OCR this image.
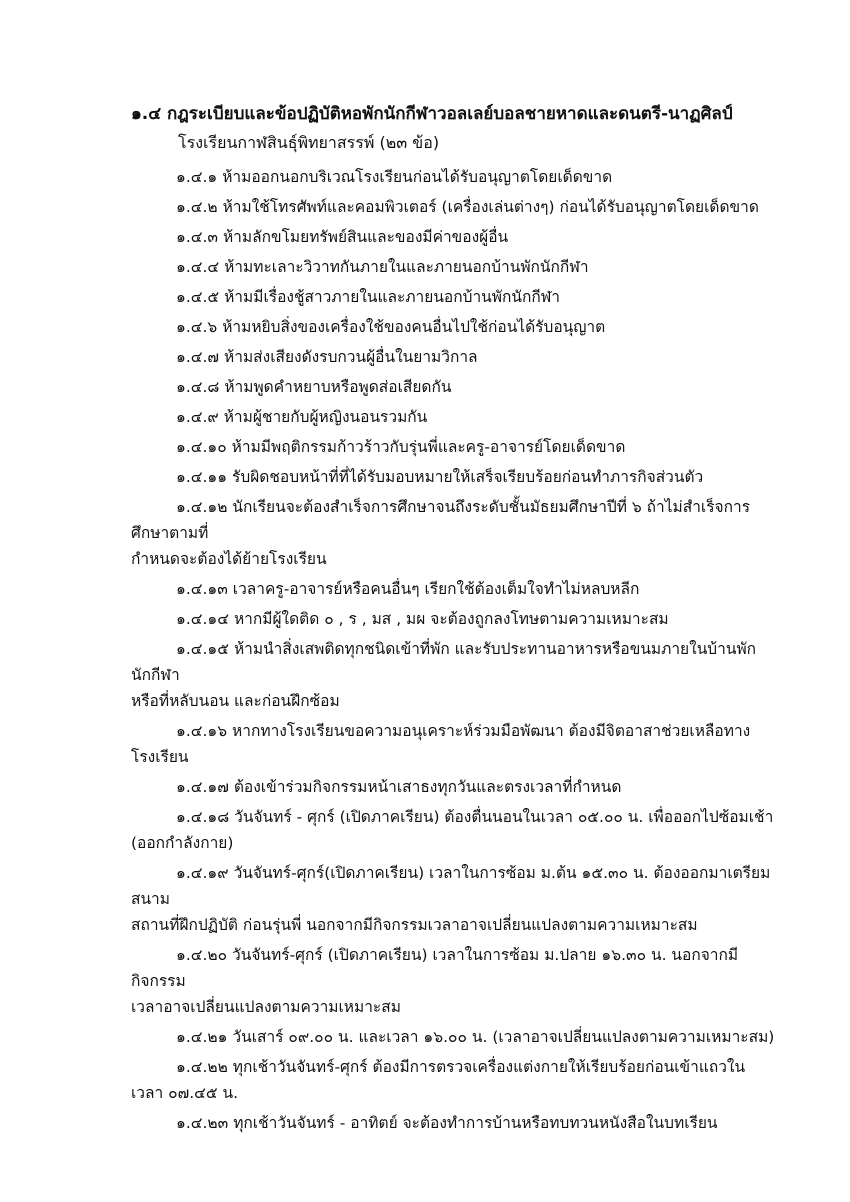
๑.๔ กฎระเบียบและข้อปฏิบัติหอพักนักกีฬาวอลเลย์บอลชายหาดและดนตรี-นาฏศิลป์
โรงเรียนกาฬสินธุ์พิทยาสรรพ์ (๒๓ ข้อ)
๑.๔.๑ ห้ามออกนอกบริเวณโรงเรียนก่อนได้รับอนุญาตโดยเด็ดขาด
๑.๔.๒ ห้ามใช้โทรศัพท์และคอมพิวเตอร์ (เครื่องเล่นต่างๆ) ก่อนได้รับอนุญาตโดยเด็ดขาด
๑.๔.๓ ห้ามลักขโมยทรัพย์สินและของมีค่าของผู้อื่น
๑.๔.๔ ห้ามทะเลาะวิวาทกันภายในและภายนอกบ้านพักนักกีฬา
๑.๔.๕ ห้ามมีเรื่องชู้สาวภายในและภายนอกบ้านพักนักกีฬา
๑.๔.๖ ห้ามหยิบสิ่งของเครื่องใช้ของคนอื่นไปใช้ก่อนได้รับอนุญาต
๑.๔.๗ ห้ามส่งเสียงดังรบกวนผู้อื่นในยามวิกาล
๑.๔.๘ ห้ามพูดคำหยาบหรือพูดส่อเสียดกัน
๑.๔.๙ ห้ามผู้ชายกับผู้หญิงนอนรวมกัน
๑.๔.๑๐ ห้ามมีพฤติกรรมก้าวร้าวกับรุ่นพี่และครู-อาจารย์โดยเด็ดขาด
๑.๔.๑๑ รับผิดชอบหน้าที่ที่ได้รับมอบหมายให้เสร็จเรียบร้อยก่อนทำภารกิจส่วนตัว
๑.๔.๑๒ นักเรียนจะต้องสำเร็จการศึกษาจนถึงระดับชั้นมัธยมศึกษาปีที่ ๖ ถ้าไม่สำเร็จการศึกษาตามที่
กำหนดจะต้องได้ย้ายโรงเรียน
๑.๔.๑๓ เวลาครู-อาจารย์หรือคนอื่นๆ เรียกใช้ต้องเต็มใจทำไม่หลบหลีก
๑.๔.๑๔ หากมีผู้ใดติด ๐ , ร , มส , มผ จะต้องถูกลงโทษตามความเหมาะสม
๑.๔.๑๕ ห้ามนำสิ่งเสพติดทุกชนิดเข้าที่พัก และรับประทานอาหารหรือขนมภายในบ้านพักนักกีฬา
หรือที่หลับนอน และก่อนฝึกซ้อม
๑.๔.๑๖ หากทางโรงเรียนขอความอนุเคราะห์ร่วมมือพัฒนา ต้องมีจิตอาสาช่วยเหลือทางโรงเรียน
๑.๔.๑๗ ต้องเข้าร่วมกิจกรรมหน้าเสาธงทุกวันและตรงเวลาที่กำหนด
๑.๔.๑๘ วันจันทร์ - ศุกร์ (เปิดภาคเรียน) ต้องตื่นนอนในเวลา ๐๕.๐๐ น. เพื่อออกไปซ้อมเช้า
(ออกกำลังกาย)
๑.๔.๑๙ วันจันทร์-ศุกร์(เปิดภาคเรียน) เวลาในการซ้อม ม.ต้น ๑๕.๓๐ น. ต้องออกมาเตรียมสนาม
สถานที่ฝึกปฏิบัติ ก่อนรุ่นพี่ นอกจากมีกิจกรรมเวลาอาจเปลี่ยนแปลงตามความเหมาะสม
๑.๔.๒๐ วันจันทร์-ศุกร์ (เปิดภาคเรียน) เวลาในการซ้อม ม.ปลาย ๑๖.๓๐ น. นอกจากมีกิจกรรม
เวลาอาจเปลี่ยนแปลงตามความเหมาะสม
๑.๔.๒๑ วันเสาร์ ๐๙.๐๐ น. และเวลา ๑๖.๐๐ น. (เวลาอาจเปลี่ยนแปลงตามความเหมาะสม)
๑.๔.๒๒ ทุกเช้าวันจันทร์-ศุกร์ ต้องมีการตรวจเครื่องแต่งกายให้เรียบร้อยก่อนเข้าแถวในเวลา ๐๗.๔๕ น.
๑.๔.๒๓ ทุกเช้าวันจันทร์ - อาทิตย์ จะต้องทำการบ้านหรือทบทวนหนังสือในบทเรียน
